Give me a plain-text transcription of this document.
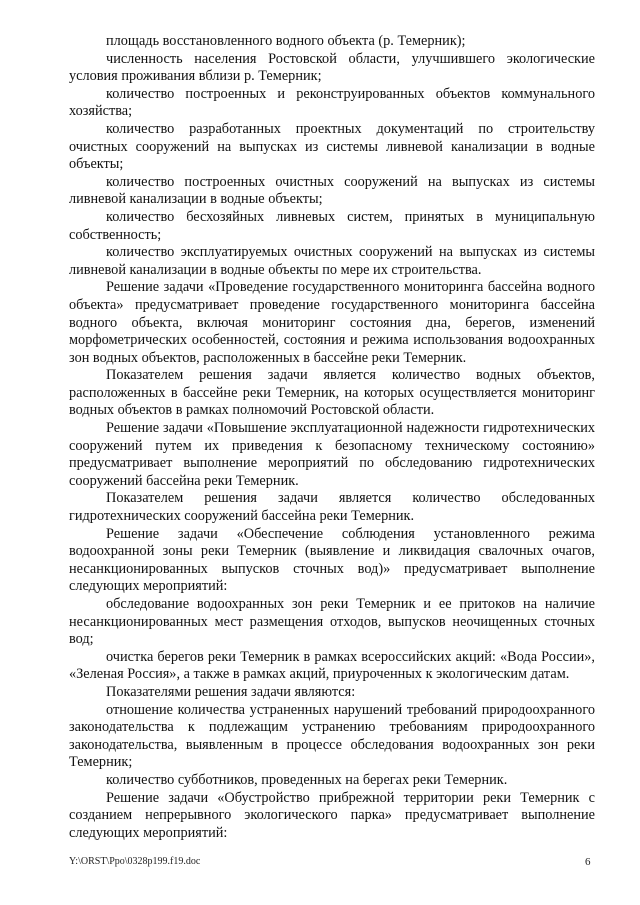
площадь восстановленного водного объекта (р. Темерник);

численность населения Ростовской области, улучшившего экологические условия проживания вблизи р. Темерник;

количество построенных и реконструированных объектов коммунального хозяйства;

количество разработанных проектных документаций по строительству очистных сооружений на выпусках из системы ливневой канализации в водные объекты;

количество построенных очистных сооружений на выпусках из системы ливневой канализации в водные объекты;

количество бесхозяйных ливневых систем, принятых в муниципальную собственность;

количество эксплуатируемых очистных сооружений на выпусках из системы ливневой канализации в водные объекты по мере их строительства.

Решение задачи «Проведение государственного мониторинга бассейна водного объекта» предусматривает проведение государственного мониторинга бассейна водного объекта, включая мониторинг состояния дна, берегов, изменений морфометрических особенностей, состояния и режима использования водоохранных зон водных объектов, расположенных в бассейне реки Темерник.

Показателем решения задачи является количество водных объектов, расположенных в бассейне реки Темерник, на которых осуществляется мониторинг водных объектов в рамках полномочий Ростовской области.

Решение задачи «Повышение эксплуатационной надежности гидротехнических сооружений путем их приведения к безопасному техническому состоянию» предусматривает выполнение мероприятий по обследованию гидротехнических сооружений бассейна реки Темерник.

Показателем решения задачи является количество обследованных гидротехнических сооружений бассейна реки Темерник.

Решение задачи «Обеспечение соблюдения установленного режима водоохранной зоны реки Темерник (выявление и ликвидация свалочных очагов, несанкционированных выпусков сточных вод)» предусматривает выполнение следующих мероприятий:

обследование водоохранных зон реки Темерник и ее притоков на наличие несанкционированных мест размещения отходов, выпусков неочищенных сточных вод;

очистка берегов реки Темерник в рамках всероссийских акций: «Вода России», «Зеленая Россия», а также в рамках акций, приуроченных к экологическим датам.

Показателями решения задачи являются:

отношение количества устраненных нарушений требований природоохранного законодательства к подлежащим устранению требованиям природоохранного законодательства, выявленным в процессе обследования водоохранных зон реки Темерник;

количество субботников, проведенных на берегах реки Темерник.

Решение задачи «Обустройство прибрежной территории реки Темерник с созданием непрерывного экологического парка» предусматривает выполнение следующих мероприятий:

Y:\ORST\Ppo\0328p199.f19.doc	6
